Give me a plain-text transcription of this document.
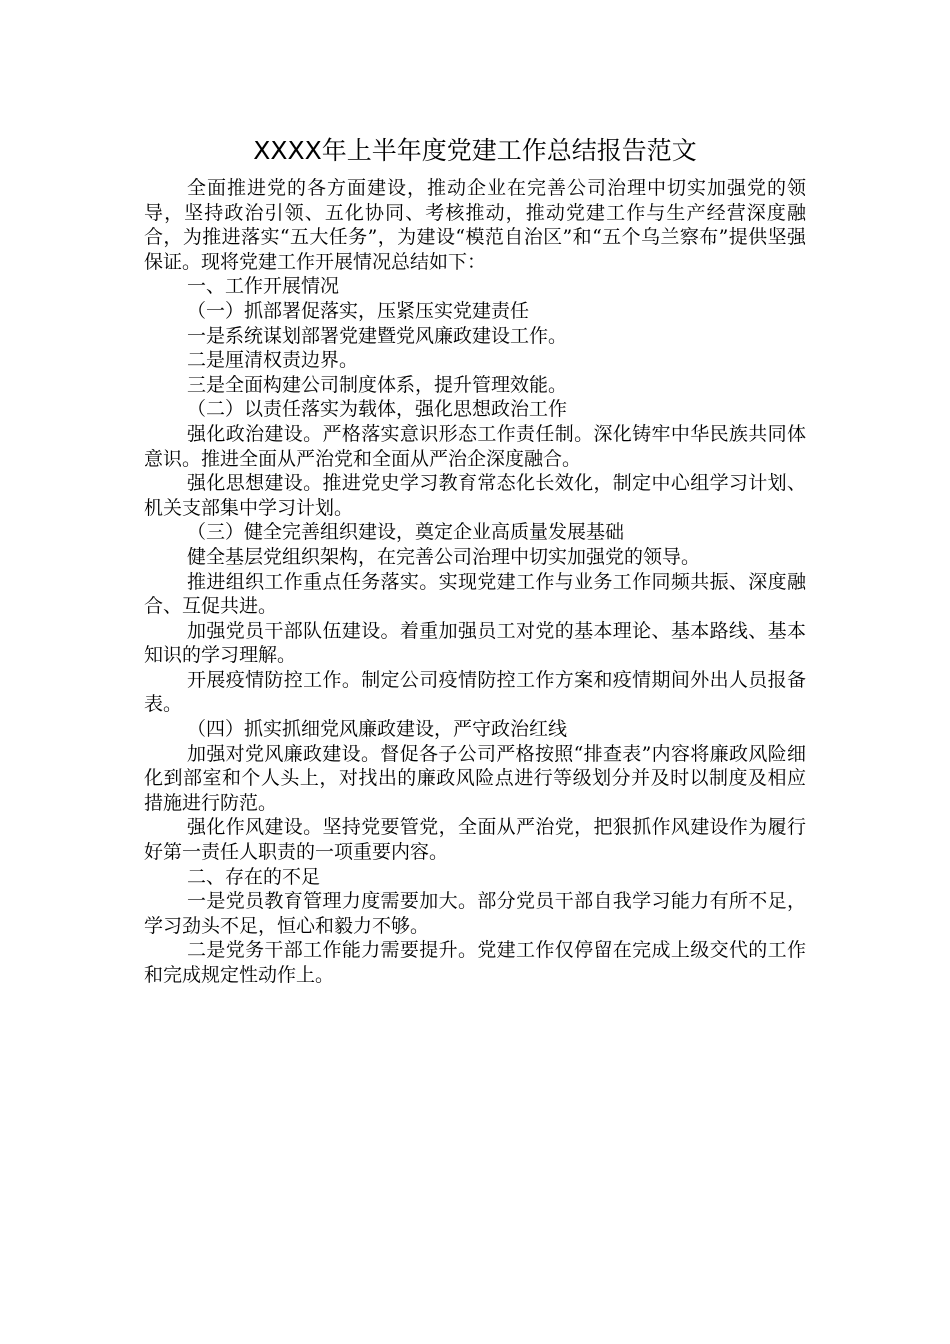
XXXX年上半年度党建工作总结报告范文

全面推进党的各方面建设，推动企业在完善公司治理中切实加强党的领导，坚持政治引领、五化协同、考核推动，推动党建工作与生产经营深度融合，为推进落实“五大任务”，为建设“模范自治区”和“五个乌兰察布”提供坚强保证。现将党建工作开展情况总结如下：

一、工作开展情况

（一）抓部署促落实，压紧压实党建责任

一是系统谋划部署党建暨党风廉政建设工作。

二是厘清权责边界。

三是全面构建公司制度体系，提升管理效能。

（二）以责任落实为载体，强化思想政治工作

强化政治建设。严格落实意识形态工作责任制。深化铸牢中华民族共同体意识。推进全面从严治党和全面从严治企深度融合。

强化思想建设。推进党史学习教育常态化长效化，制定中心组学习计划、机关支部集中学习计划。

（三）健全完善组织建设，奠定企业高质量发展基础

健全基层党组织架构，在完善公司治理中切实加强党的领导。

推进组织工作重点任务落实。实现党建工作与业务工作同频共振、深度融合、互促共进。

加强党员干部队伍建设。着重加强员工对党的基本理论、基本路线、基本知识的学习理解。

开展疫情防控工作。制定公司疫情防控工作方案和疫情期间外出人员报备表。

（四）抓实抓细党风廉政建设，严守政治红线

加强对党风廉政建设。督促各子公司严格按照“排查表”内容将廉政风险细化到部室和个人头上，对找出的廉政风险点进行等级划分并及时以制度及相应措施进行防范。

强化作风建设。坚持党要管党，全面从严治党，把狠抓作风建设作为履行好第一责任人职责的一项重要内容。

二、存在的不足

一是党员教育管理力度需要加大。部分党员干部自我学习能力有所不足，学习劲头不足，恒心和毅力不够。

二是党务干部工作能力需要提升。党建工作仅停留在完成上级交代的工作和完成规定性动作上。
